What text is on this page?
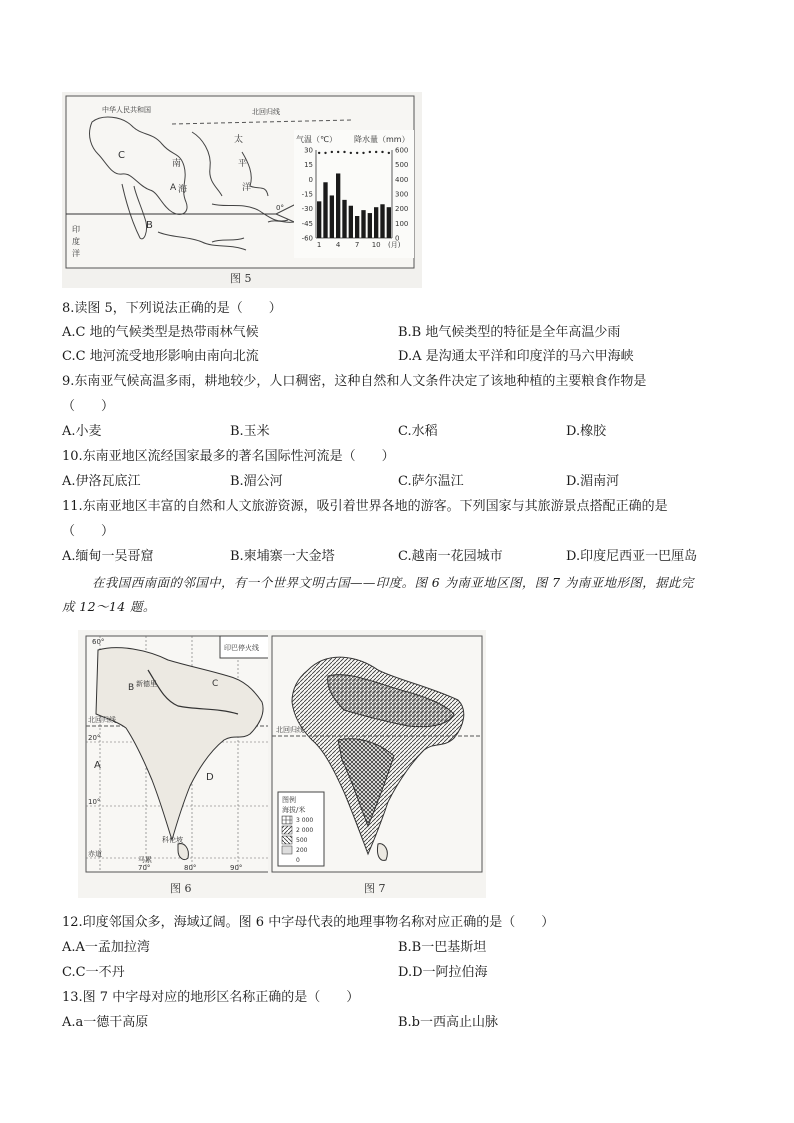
中华人民共和国	北回归线
C
南
海
太
平
洋
A
B
0°
印
度
洋
气温（℃） 降水量（mm）
30
15
0
-15
-30
-45
-60
600
500
400
300
200
100
0
1 4 7 10 (月)
图 5
8.读图 5，下列说法正确的是（　　）
A.C 地的气候类型是热带雨林气候	B.B 地气候类型的特征是全年高温少雨
C.C 地河流受地形影响由南向北流	D.A 是沟通太平洋和印度洋的马六甲海峡
9.东南亚气候高温多雨，耕地较少，人口稠密，这种自然和人文条件决定了该地种植的主要粮食作物是
（　　）
A.小麦	B.玉米	C.水稻	D.橡胶
10.东南亚地区流经国家最多的著名国际性河流是（　　）
A.伊洛瓦底江	B.湄公河	C.萨尔温江	D.湄南河
11.东南亚地区丰富的自然和人文旅游资源，吸引着世界各地的游客。下列国家与其旅游景点搭配正确的是
（　　）
A.缅甸一吴哥窟	B.柬埔寨一大金塔	C.越南一花园城市	D.印度尼西亚一巴厘岛
在我国西南面的邻国中，有一个世界文明古国——印度。图 6 为南亚地区图，图 7 为南亚地形图，据此完
成 12～14 题。
印巴停火线
新德里
北回归线
A
B	C
D
科伦坡
马累
赤道
20°
10°
60°
70°	80°	90°
图 6
北回归线
图例
海拔/米
3 000
2 000
500
200
0
图 7
12.印度邻国众多，海域辽阔。图 6 中字母代表的地理事物名称对应正确的是（　　）
A.A一孟加拉湾	B.B一巴基斯坦
C.C一不丹	D.D一阿拉伯海
13.图 7 中字母对应的地形区名称正确的是（　　）
A.a一德干高原	B.b一西高止山脉
